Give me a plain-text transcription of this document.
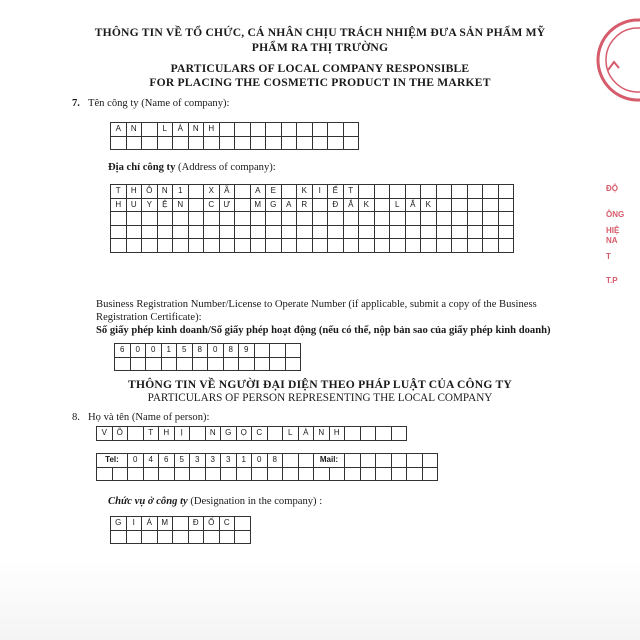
THÔNG TIN VỀ TỔ CHỨC, CÁ NHÂN CHỊU TRÁCH NHIỆM ĐƯA SẢN PHẨM MỸ
PHẨM RA THỊ TRƯỜNG
PARTICULARS OF LOCAL COMPANY RESPONSIBLE
FOR PLACING THE COSMETIC PRODUCT IN THE MARKET
7. Tên công ty (Name of company):
A	N		L	À	N	H									

Địa chỉ công ty (Address of company):
T	H	Ô	N	1		X	Ã		A	E		K	I	Ế	T										
H	U	Y	Ệ	N		C	Ư		M	G	A	R		Đ	Ắ	K		L	Ắ	K					

Business Registration Number/License to Operate Number (if applicable, submit a copy of the Business
Registration Certificate):
Số giấy phép kinh doanh/Số giấy phép hoạt động (nếu có thể, nộp bản sao của giấy phép kinh doanh)
6	0	0	1	5	8	0	8	9			

THÔNG TIN VỀ NGƯỜI ĐẠI DIỆN THEO PHÁP LUẬT CỦA CÔNG TY
PARTICULARS OF PERSON REPRESENTING THE LOCAL COMPANY
8. Họ và tên (Name of person):
V	Õ		T	H	Ị		N	G	Ọ	C		L	À	N	H				
Tel:		0	4	6	5	3	3	3	1	0	8			Mail:							

Chức vụ ở công ty (Designation in the company) :
G	I	Á	M		Đ	Ố	C	

ĐỘ
ÔNG
HIỆ
NA
T
T.P
